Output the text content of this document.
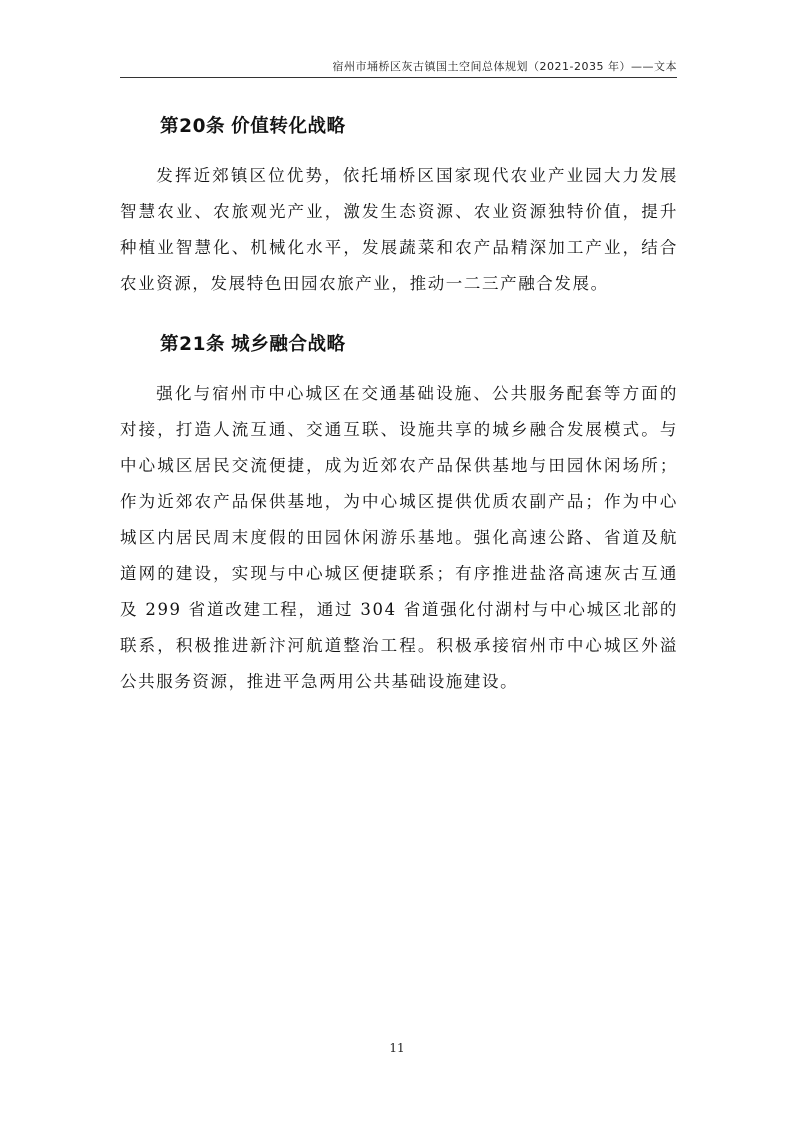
宿州市埇桥区灰古镇国土空间总体规划（2021-2035 年）——文本
第20条 价值转化战略
发挥近郊镇区位优势，依托埇桥区国家现代农业产业园大力发展智慧农业、农旅观光产业，激发生态资源、农业资源独特价值，提升种植业智慧化、机械化水平，发展蔬菜和农产品精深加工产业，结合农业资源，发展特色田园农旅产业，推动一二三产融合发展。
第21条 城乡融合战略
强化与宿州市中心城区在交通基础设施、公共服务配套等方面的对接，打造人流互通、交通互联、设施共享的城乡融合发展模式。与中心城区居民交流便捷，成为近郊农产品保供基地与田园休闲场所；作为近郊农产品保供基地，为中心城区提供优质农副产品；作为中心城区内居民周末度假的田园休闲游乐基地。强化高速公路、省道及航道网的建设，实现与中心城区便捷联系；有序推进盐洛高速灰古互通及 299 省道改建工程，通过 304 省道强化付湖村与中心城区北部的联系，积极推进新汴河航道整治工程。积极承接宿州市中心城区外溢公共服务资源，推进平急两用公共基础设施建设。
11
